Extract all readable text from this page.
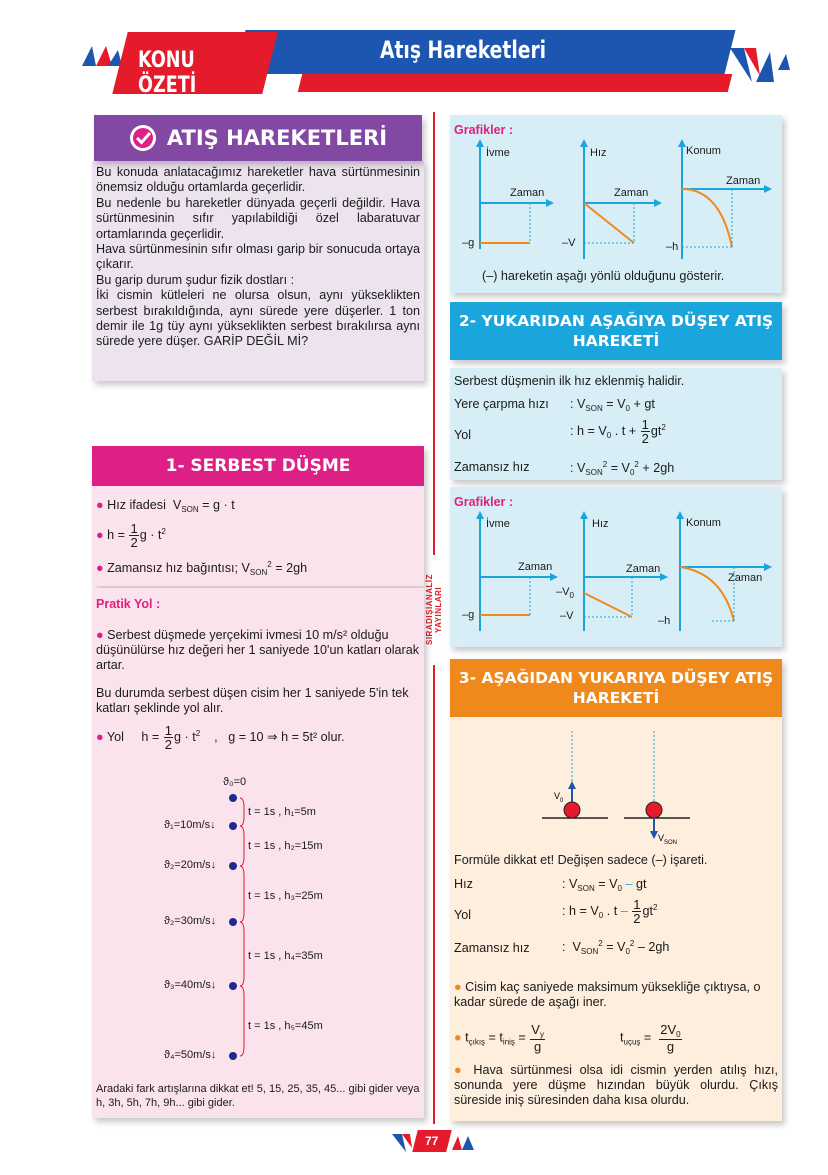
KONU ÖZETİ
Atış Hareketleri
SIRADIŞIANALİZ YAYINLARI

Bu konuda anlatacağımız hareketler hava sürtünmesinin önemsiz olduğu ortamlarda geçerlidir.

Bu nedenle bu hareketler dünyada geçerli değildir. Hava sürtünmesinin sıfır yapılabildiği özel labaratuvar ortamlarında geçerlidir.

Hava sürtünmesinin sıfır olması garip bir sonucuda ortaya çıkarır.

Bu garip durum şudur fizik dostları :

İki cismin kütleleri ne olursa olsun, aynı yükseklikten serbest bırakıldığında, aynı sürede yere düşerler. 1 ton demir ile 1g tüy aynı yükseklikten serbest bırakılırsa aynı sürede yere düşer. GARİP DEĞİL Mİ?

ATIŞ HAREKETLERİ
1- SERBEST DÜŞME
● Hız ifadesi  $V_{SON} = g \cdot t$
● $h = \frac{1}{2}$ $g \cdot t^2$
● Zamansız hız bağıntısı; $V_{SON}^2 = 2gh$
Pratik Yol :
● Serbest düşmede yerçekimi ivmesi 10 m/s² olduğu düşünülürse hız değeri her 1 saniyede 10'un katları olarak artar.
Bu durumda serbest düşen cisim her 1 saniyede 5'in tek katları şeklinde yol alır.
● Yol     $h = \frac{1}{2}$ $g \cdot t^2$    ,   g = 10 ⇒ h = 5t² olur.
ϑ₀=0
ϑ₁=10m/s↓
ϑ₂=20m/s↓
ϑ₂=30m/s↓
ϑ₃=40m/s↓
ϑ₄=50m/s↓
t = 1s , h₁=5m
t = 1s , h₂=15m
t = 1s , h₃=25m
t = 1s , h₄=35m
t = 1s , h₅=45m
Aradaki fark artışlarına dikkat et! 5, 15, 25, 35, 45... gibi gider veya h, 3h, 5h, 7h, 9h... gibi gider.
Grafikler :
İvme
Zaman
–g
Hız
Zaman
–V
Konum
Zaman
–h
(–) hareketin aşağı yönlü olduğunu gösterir.
2- YUKARIDAN AŞAĞIYA DÜŞEY ATIŞ HAREKETİ
Serbest düşmenin ilk hız eklenmiş halidir.
Yere çarpma hızı : $V_{SON} = V_0$ + gt
Yol	: $h = V_0$ . $t + \frac{1}{2} gt^2$
Zamansız hız	: $V_{SON}^2 = V_0^2 + 2gh$
Grafikler :
İvme
Zaman
–g
Hız
Zaman
$-V_0$
–V
Konum
Zaman
–h
3- AŞAĞIDAN YUKARIYA DÜŞEY ATIŞ HAREKETİ
V 0
V SON
Formüle dikkat et! Değişen sadece (–) işareti.
Hız	: $V_{SON} = V_0$ – gt
Yol	: $h = V_0$ . t – $\frac{1}{2} gt^2$
Zamansız hız	:  $V_{SON}^2 = V_0^2 - 2gh$
● Cisim kaç saniyede maksimum yüksekliğe çıktıysa, o kadar sürede de aşağı iner.
● $t_{çıkış} = t_{iniş} = \frac{V_y}{g}$	$t_{uçuş} = \frac{2V_0}{g}$
● Hava sürtünmesi olsa idi cismin yerden atılış hızı, sonunda yere düşme hızından büyük olurdu. Çıkış süreside iniş süresinden daha kısa olurdu.
77
